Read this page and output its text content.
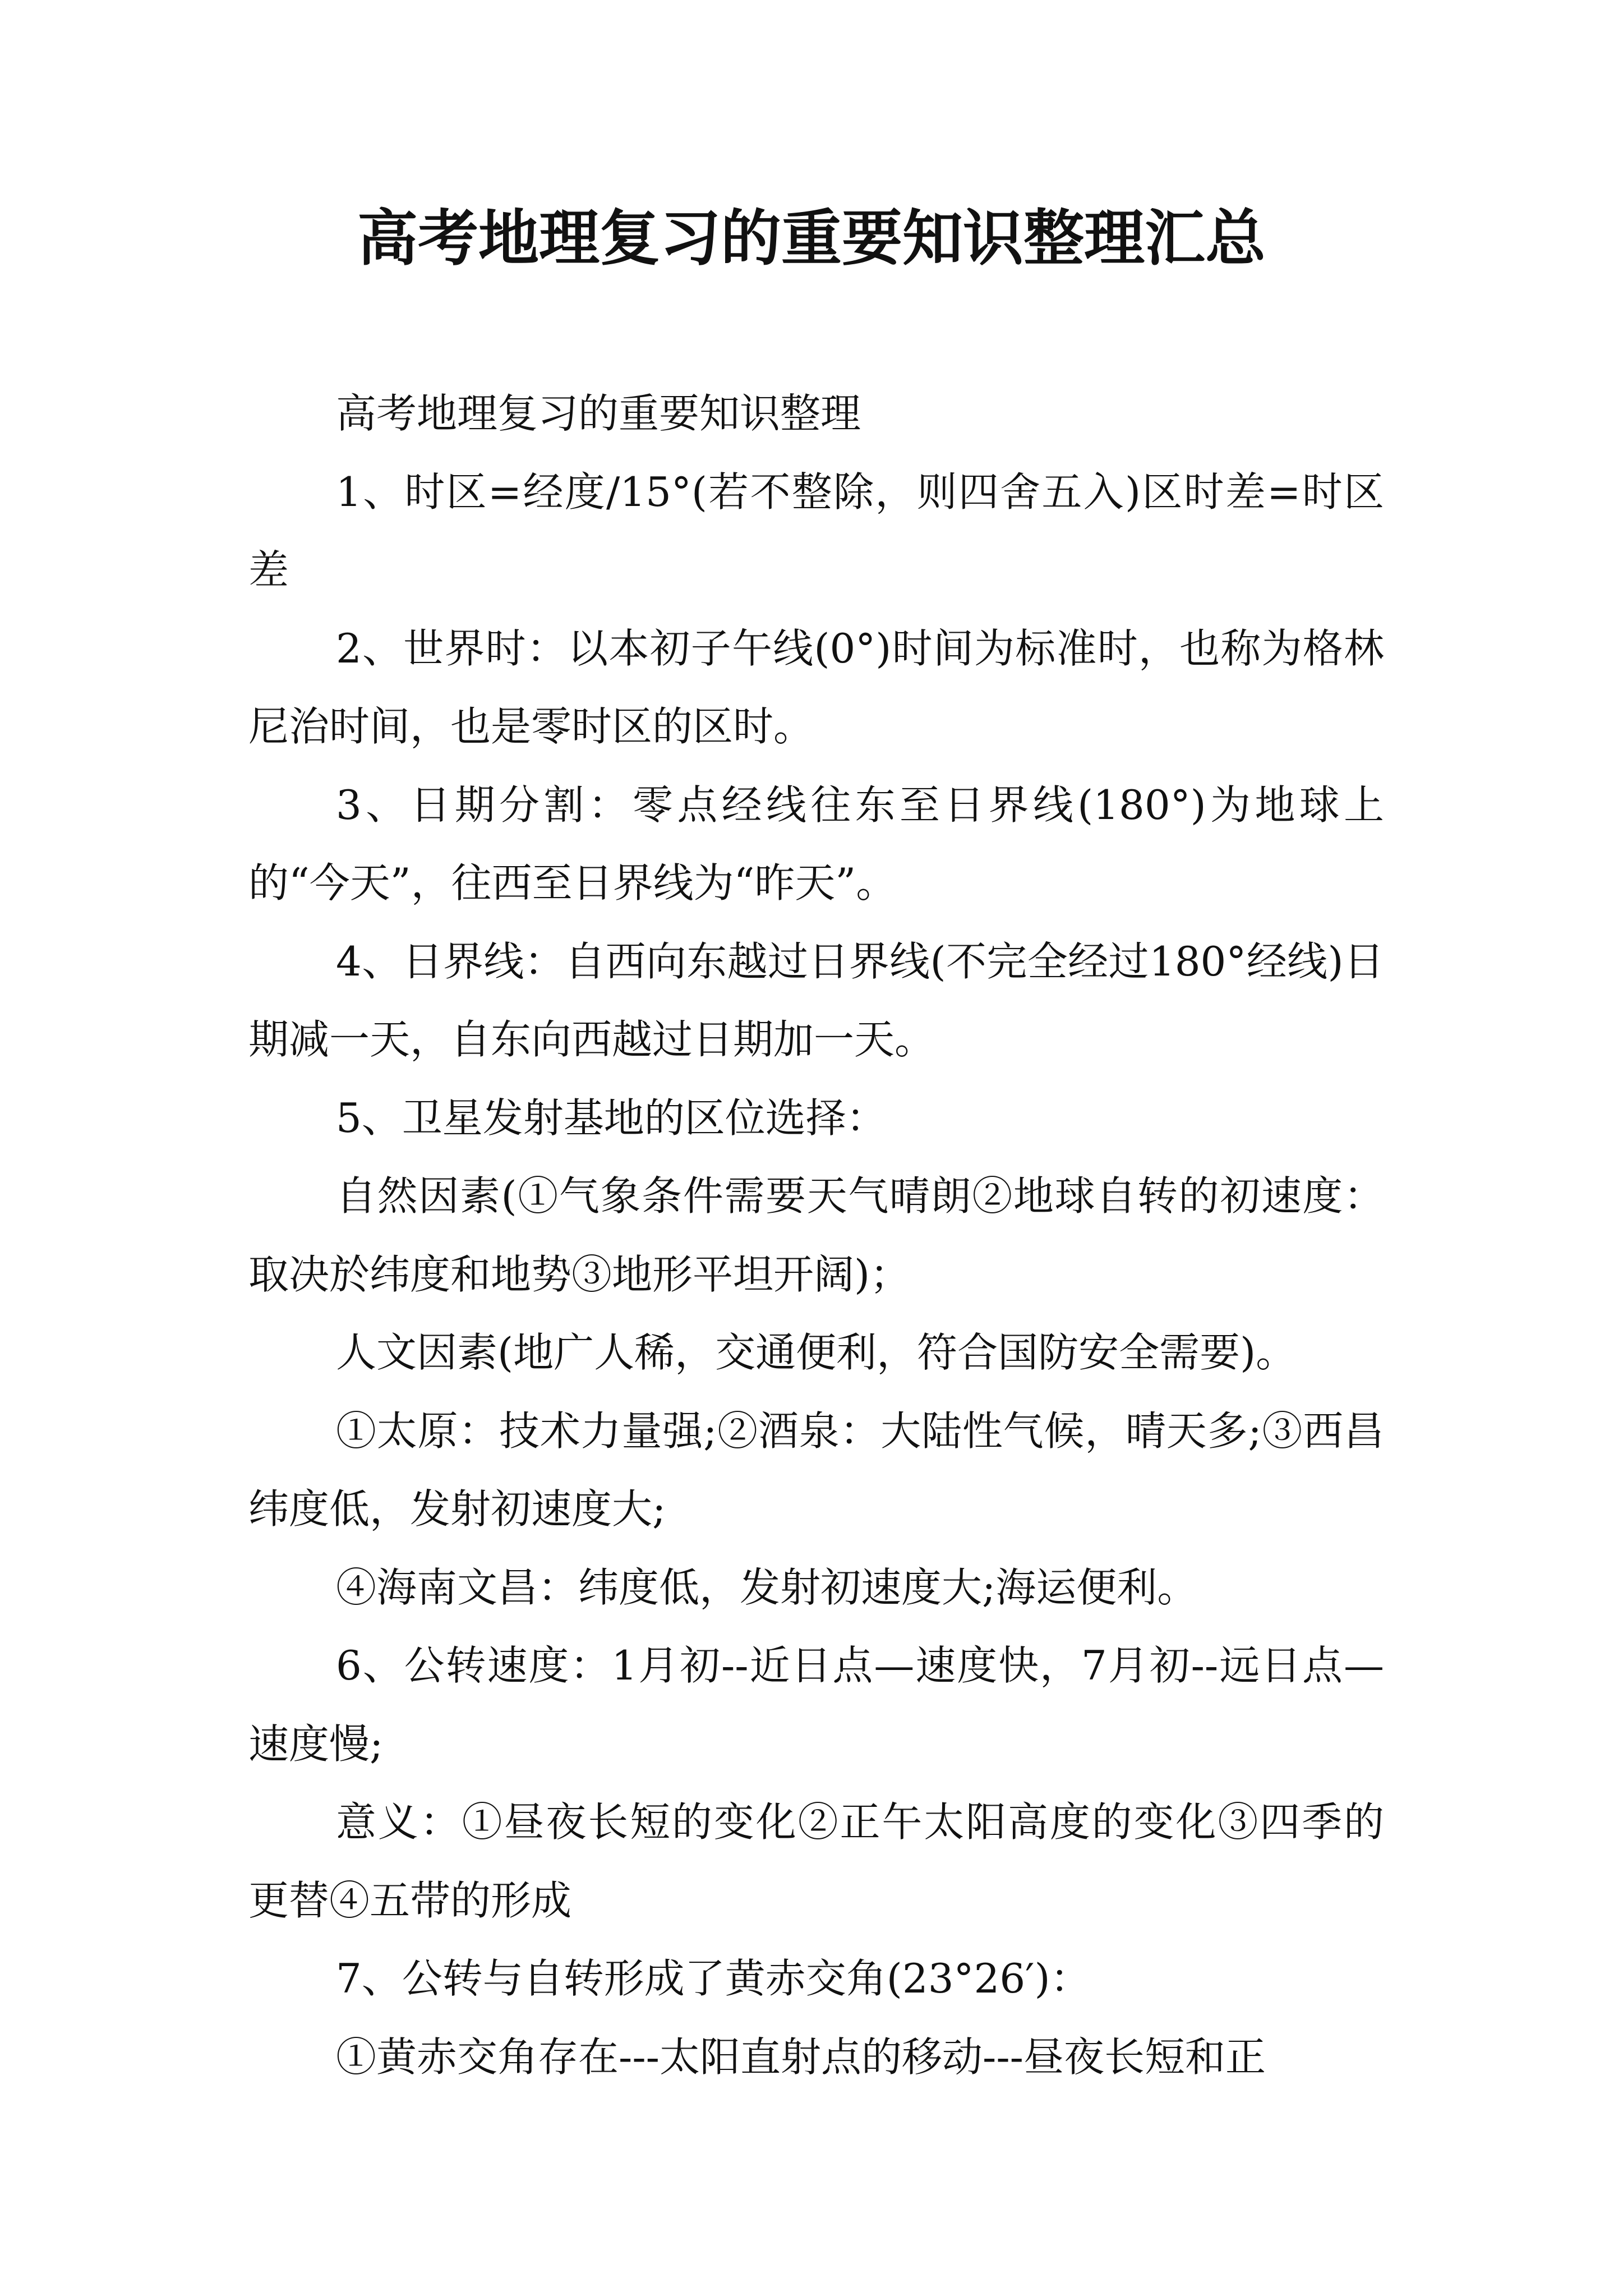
高考地理复习的重要知识整理汇总

高考地理复习的重要知识整理

1、时区=经度/15°(若不整除，则四舍五入)区时差=时区差

2、世界时：以本初子午线(0°)时间为标准时，也称为格林尼治时间，也是零时区的区时。

3、日期分割：零点经线往东至日界线(180°)为地球上的“今天”，往西至日界线为“昨天”。

4、日界线：自西向东越过日界线(不完全经过180°经线)日期减一天，自东向西越过日期加一天。

5、卫星发射基地的区位选择：

自然因素(①气象条件需要天气晴朗②地球自转的初速度：取决於纬度和地势③地形平坦开阔)；

人文因素(地广人稀，交通便利，符合国防安全需要)。

①太原：技术力量强;②酒泉：大陆性气候，晴天多;③西昌纬度低，发射初速度大;

④海南文昌：纬度低，发射初速度大;海运便利。

6、公转速度：1月初--近日点—速度快，7月初--远日点—速度慢;

意义：①昼夜长短的变化②正午太阳高度的变化③四季的更替④五带的形成

7、公转与自转形成了黄赤交角(23°26′)：

①黄赤交角存在---太阳直射点的移动---昼夜长短和正
